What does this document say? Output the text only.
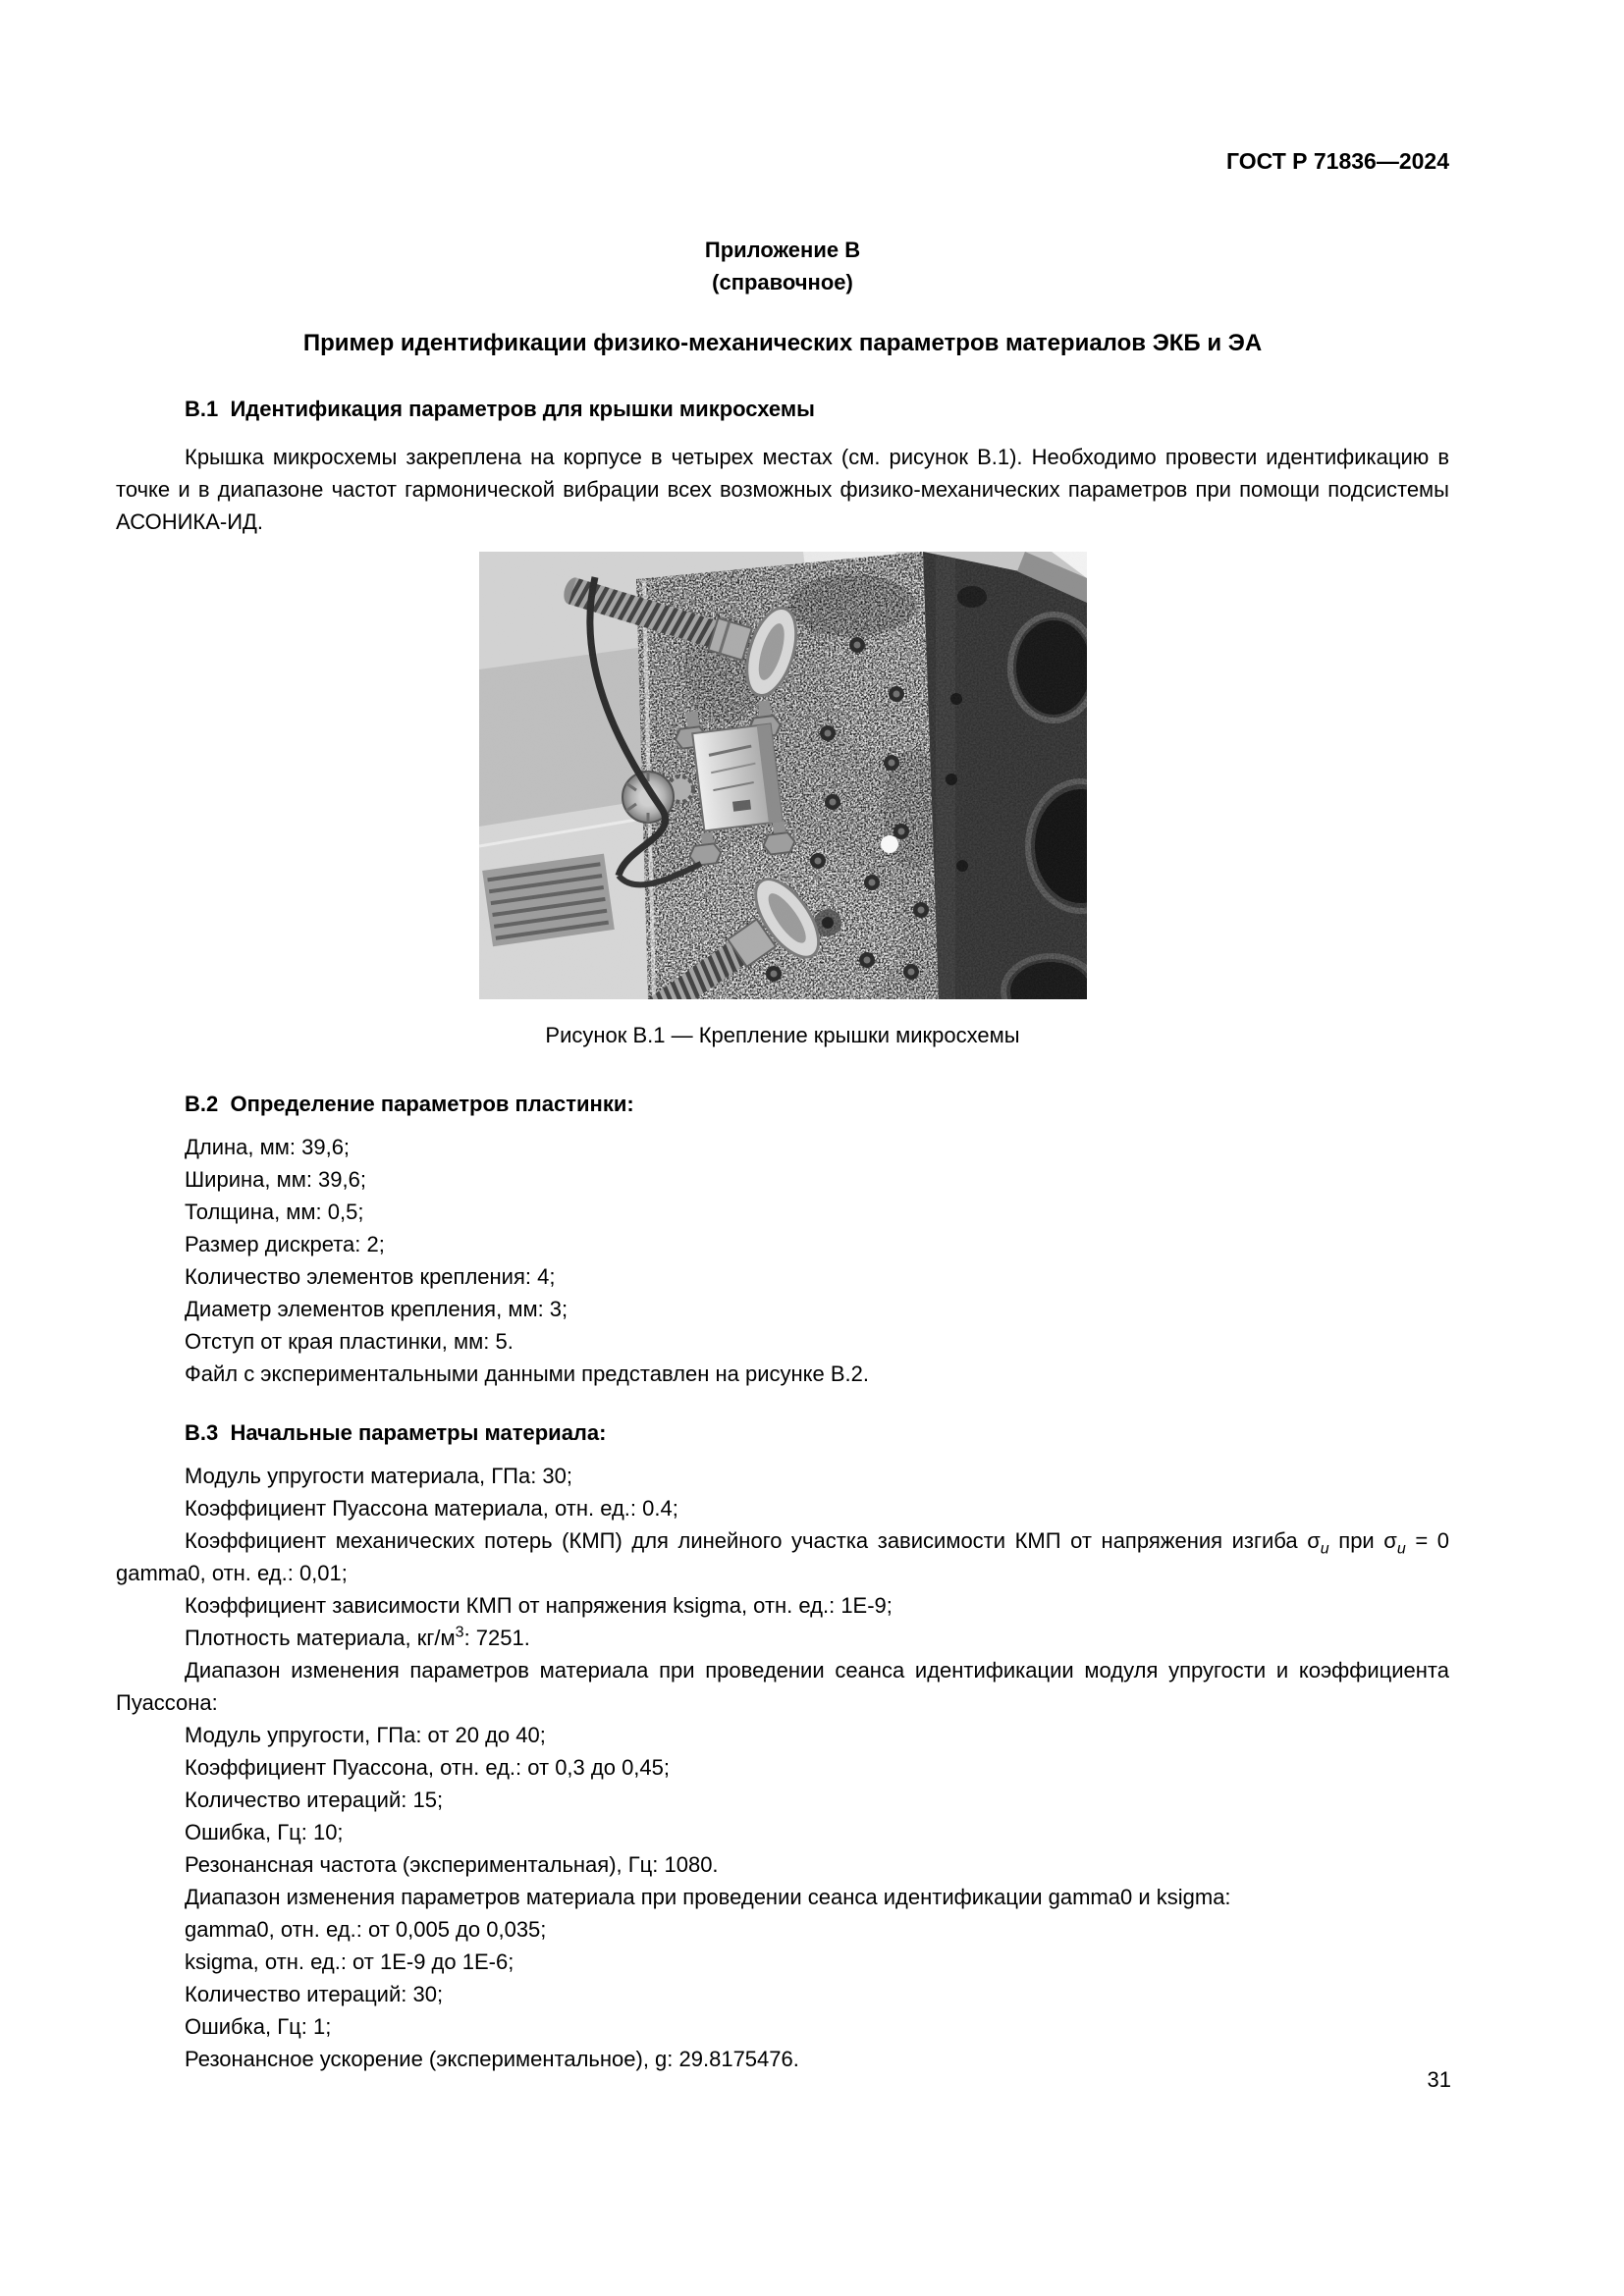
ГОСТ Р 71836—2024
Приложение В
(справочное)
Пример идентификации физико-механических параметров материалов ЭКБ и ЭА
В.1  Идентификация параметров для крышки микросхемы
Крышка микросхемы закреплена на корпусе в четырех местах (см. рисунок В.1). Необходимо провести идентификацию в точке и в диапазоне частот гармонической вибрации всех возможных физико-механических параметров при помощи подсистемы АСОНИКА-ИД.
Рисунок В.1 — Крепление крышки микросхемы
В.2  Определение параметров пластинки:
Длина, мм: 39,6;
Ширина, мм: 39,6;
Толщина, мм: 0,5;
Размер дискрета: 2;
Количество элементов крепления: 4;
Диаметр элементов крепления, мм: 3;
Отступ от края пластинки, мм: 5.
Файл с экспериментальными данными представлен на рисунке В.2.
В.3  Начальные параметры материала:
Модуль упругости материала, ГПа: 30;
Коэффициент Пуассона материала, отн. ед.: 0.4;
Коэффициент механических потерь (КМП) для линейного участка зависимости КМП от напряжения изгиба $\sigma_u$ при $\sigma_u = 0$ gamma0, отн. ед.: 0,01;
Коэффициент зависимости КМП от напряжения ksigma, отн. ед.: 1Е-9;
Плотность материала, $кг/м^3$: 7251.
Диапазон изменения параметров материала при проведении сеанса идентификации модуля упругости и коэффициента Пуассона:
Модуль упругости, ГПа: от 20 до 40;
Коэффициент Пуассона, отн. ед.: от 0,3 до 0,45;
Количество итераций: 15;
Ошибка, Гц: 10;
Резонансная частота (экспериментальная), Гц: 1080.
Диапазон изменения параметров материала при проведении сеанса идентификации gamma0 и ksigma:
gamma0, отн. ед.: от 0,005 до 0,035;
ksigma, отн. ед.: от 1Е-9 до 1Е-6;
Количество итераций: 30;
Ошибка, Гц: 1;
Резонансное ускорение (экспериментальное), g: 29.8175476.
31
